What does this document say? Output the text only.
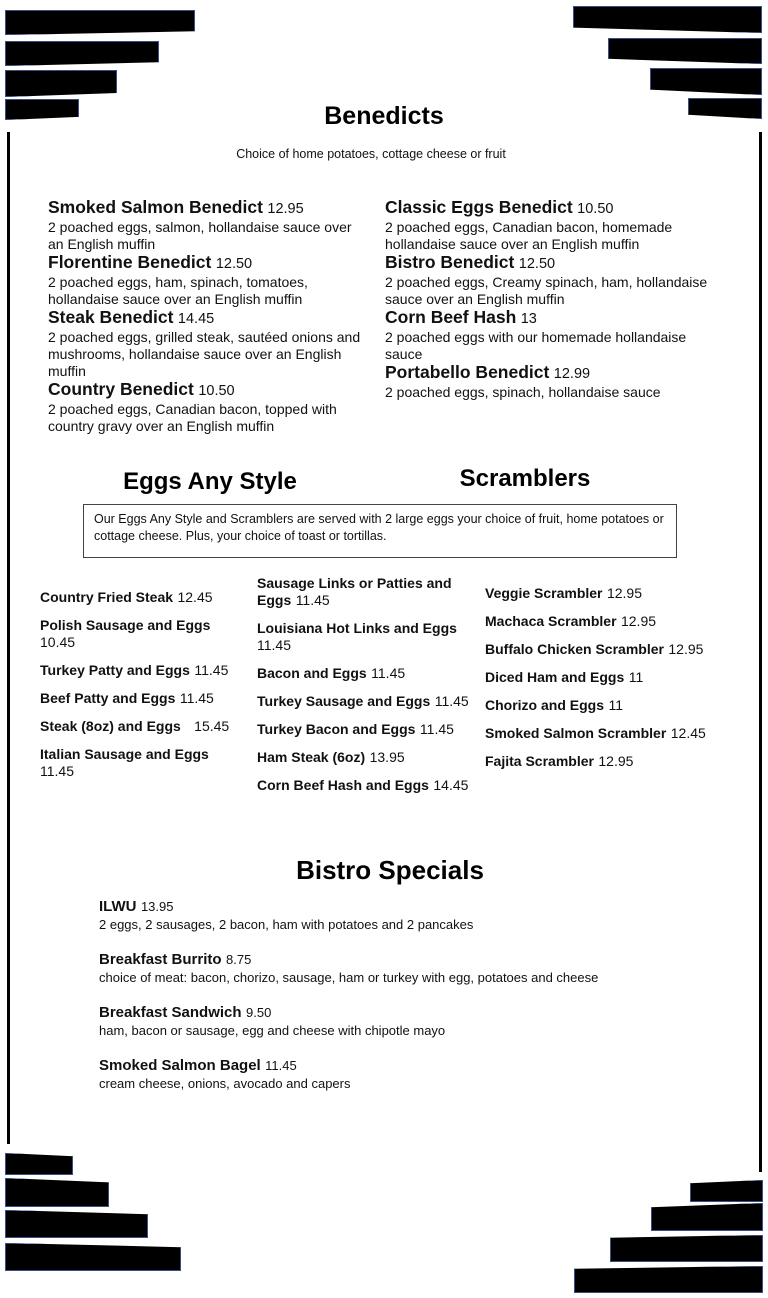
Benedicts
Choice of home potatoes, cottage cheese or fruit
Smoked Salmon Benedict 12.95
2 poached eggs, salmon, hollandaise sauce over an English muffin
Florentine Benedict 12.50
2 poached eggs, ham, spinach, tomatoes, hollandaise sauce over an English muffin
Steak Benedict 14.45
2 poached eggs, grilled steak, sautéed onions and mushrooms, hollandaise sauce over an English muffin
Country Benedict 10.50
2 poached eggs, Canadian bacon, topped with country gravy over an English muffin
Classic Eggs Benedict 10.50
2 poached eggs, Canadian bacon, homemade hollandaise sauce over an English muffin
Bistro Benedict 12.50
2 poached eggs, Creamy spinach, ham, hollandaise sauce over an English muffin
Corn Beef Hash 13
2 poached eggs with our homemade hollandaise sauce
Portabello Benedict 12.99
2 poached eggs, spinach, hollandaise sauce
Eggs Any Style	Scramblers
Our Eggs Any Style and Scramblers are served with 2 large eggs your choice of fruit, home potatoes or cottage cheese. Plus, your choice of toast or tortillas.
Country Fried Steak 12.45
Polish Sausage and Eggs 10.45
Turkey Patty and Eggs 11.45
Beef Patty and Eggs 11.45
Steak (8oz) and Eggs 15.45
Italian Sausage and Eggs 11.45
Sausage Links or Patties and Eggs 11.45
Louisiana Hot Links and Eggs 11.45
Bacon and Eggs 11.45
Turkey Sausage and Eggs 11.45
Turkey Bacon and Eggs 11.45
Ham Steak (6oz) 13.95
Corn Beef Hash and Eggs 14.45
Veggie Scrambler 12.95
Machaca Scrambler 12.95
Buffalo Chicken Scrambler 12.95
Diced Ham and Eggs 11
Chorizo and Eggs 11
Smoked Salmon Scrambler 12.45
Fajita Scrambler 12.95
Bistro Specials
ILWU 13.95
2 eggs, 2 sausages, 2 bacon, ham with potatoes and 2 pancakes
Breakfast Burrito 8.75
choice of meat: bacon, chorizo, sausage, ham or turkey with egg, potatoes and cheese
Breakfast Sandwich 9.50
ham, bacon or sausage, egg and cheese with chipotle mayo
Smoked Salmon Bagel 11.45
cream cheese, onions, avocado and capers
